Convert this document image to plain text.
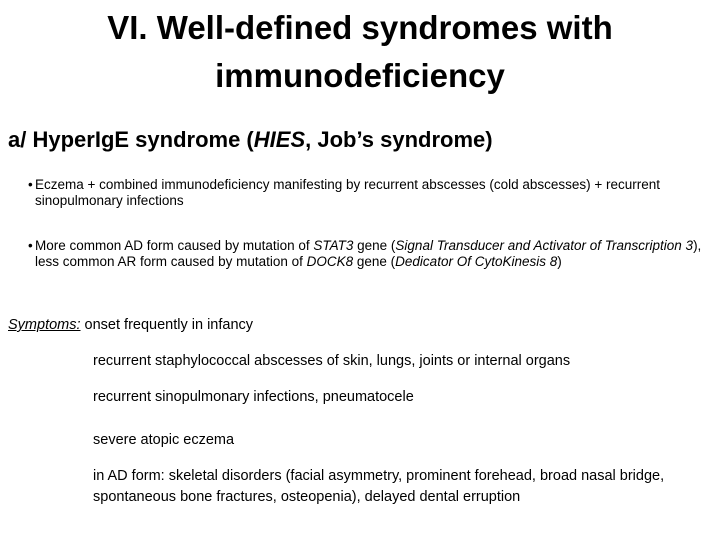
VI. Well-defined syndromes with
immunodeficiency
a/ HyperIgE syndrome (HIES, Job’s syndrome)
• Eczema + combined immunodeficiency manifesting by recurrent abscesses (cold abscesses) + recurrent sinopulmonary infections
• More common AD form caused by mutation of STAT3 gene (Signal Transducer and Activator of Transcription 3), less common AR form caused by mutation of DOCK8 gene (Dedicator Of CytoKinesis 8)
Symptoms: onset frequently in infancy
recurrent staphylococcal abscesses of skin, lungs, joints or internal organs
recurrent sinopulmonary infections, pneumatocele
severe atopic eczema
in AD form: skeletal disorders (facial asymmetry, prominent forehead, broad nasal bridge, spontaneous bone fractures, osteopenia), delayed dental erruption
